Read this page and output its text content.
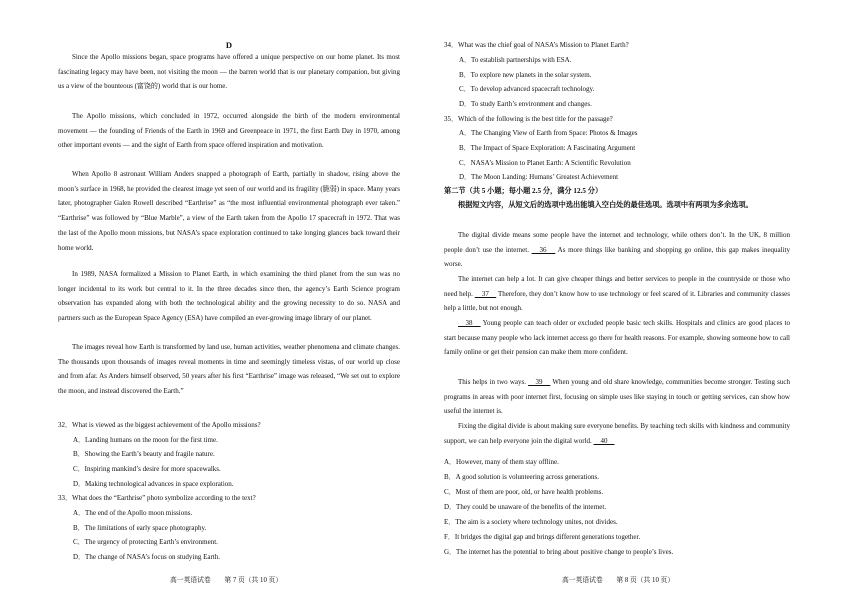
D
Since the Apollo missions began, space programs have offered a unique perspective on our home planet. Its most fascinating legacy may have been, not visiting the moon — the barren world that is our planetary companion, but giving us a view of the bounteous (富饶的) world that is our home.
The Apollo missions, which concluded in 1972, occurred alongside the birth of the modern environmental movement — the founding of Friends of the Earth in 1969 and Greenpeace in 1971, the first Earth Day in 1970, among other important events — and the sight of Earth from space offered inspiration and motivation.
When Apollo 8 astronaut William Anders snapped a photograph of Earth, partially in shadow, rising above the moon’s surface in 1968, he provided the clearest image yet seen of our world and its fragility (脆弱) in space. Many years later, photographer Galen Rowell described “Earthrise” as “the most influential environmental photograph ever taken.” “Earthrise” was followed by “Blue Marble”, a view of the Earth taken from the Apollo 17 spacecraft in 1972. That was the last of the Apollo moon missions, but NASA’s space exploration continued to take longing glances back toward their home world.
In 1989, NASA formalized a Mission to Planet Earth, in which examining the third planet from the sun was no longer incidental to its work but central to it. In the three decades since then, the agency’s Earth Science program observation has expanded along with both the technological ability and the growing necessity to do so. NASA and partners such as the European Space Agency (ESA) have compiled an ever-growing image library of our planet.
The images reveal how Earth is transformed by land use, human activities, weather phenomena and climate changes. The thousands upon thousands of images reveal moments in time and seemingly timeless vistas, of our world up close and from afar. As Anders himself observed, 50 years after his first “Earthrise” image was released, “We set out to explore the moon, and instead discovered the Earth.”
32．What is viewed as the biggest achievement of the Apollo missions?
A．Landing humans on the moon for the first time.
B．Showing the Earth’s beauty and fragile nature.
C．Inspiring mankind’s desire for more spacewalks.
D．Making technological advances in space exploration.
33．What does the “Earthrise” photo symbolize according to the text?
A．The end of the Apollo moon missions.
B．The limitations of early space photography.
C．The urgency of protecting Earth’s environment.
D．The change of NASA’s focus on studying Earth.
高一英语试卷　　第 7 页（共 10 页）
34．What was the chief goal of NASA’s Mission to Planet Earth?
A．To establish partnerships with ESA.
B．To explore new planets in the solar system.
C．To develop advanced spacecraft technology.
D．To study Earth’s environment and changes.
35．Which of the following is the best title for the passage?
A．The Changing View of Earth from Space: Photos & Images
B．The Impact of Space Exploration: A Fascinating Argument
C．NASA’s Mission to Planet Earth: A Scientific Revolution
D．The Moon Landing: Humans’ Greatest Achievement
第二节（共 5 小题；每小题 2.5 分，满分 12.5 分）
根据短文内容，从短文后的选项中选出能填入空白处的最佳选项。选项中有两项为多余选项。
The digital divide means some people have the internet and technology, while others don’t. In the UK, 8 million people don’t use the internet. 　36　 As more things like banking and shopping go online, this gap makes inequality worse.
The internet can help a lot. It can give cheaper things and better services to people in the countryside or those who need help. 　37　 Therefore, they don’t know how to use technology or feel scared of it. Libraries and community classes help a little, but not enough.
　38　 Young people can teach older or excluded people basic tech skills. Hospitals and clinics are good places to start because many people who lack internet access go there for health reasons. For example, showing someone how to call family online or get their pension can make them more confident.
This helps in two ways. 　39　 When young and old share knowledge, communities become stronger. Testing such programs in areas with poor internet first, focusing on simple uses like staying in touch or getting services, can show how useful the internet is.
Fixing the digital divide is about making sure everyone benefits. By teaching tech skills with kindness and community support, we can help everyone join the digital world. 　40　
A．However, many of them stay offline.
B．A good solution is volunteering across generations.
C．Most of them are poor, old, or have health problems.
D．They could be unaware of the benefits of the internet.
E．The aim is a society where technology unites, not divides.
F．It bridges the digital gap and brings different generations together.
G．The internet has the potential to bring about positive change to people’s lives.
高一英语试卷　　第 8 页（共 10 页）
